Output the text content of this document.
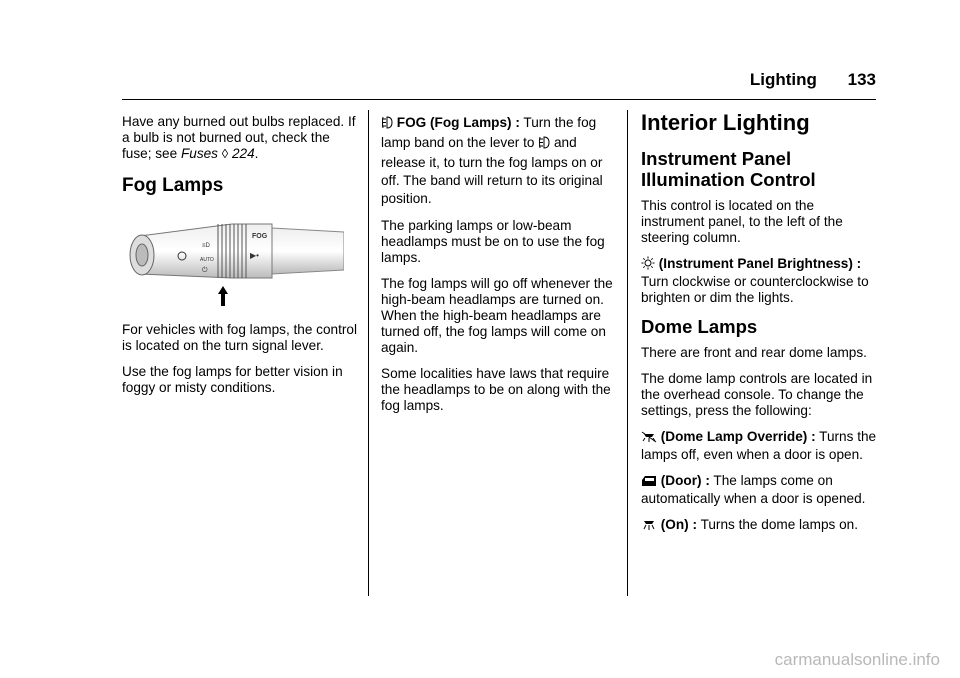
Lighting 133

Have any burned out bulbs replaced. If a bulb is not burned out, check the fuse; see Fuses ◊ 224.

Fog Lamps
≡D
AUTO
⏻
FOG
▶•

For vehicles with fog lamps, the control is located on the turn signal lever.

Use the fog lamps for better vision in foggy or misty conditions.

FOG (Fog Lamps) : Turn the fog lamp band on the lever to and release it, to turn the fog lamps on or off. The band will return to its original position.

The parking lamps or low-beam headlamps must be on to use the fog lamps.

The fog lamps will go off whenever the high-beam headlamps are turned on. When the high-beam headlamps are turned off, the fog lamps will come on again.

Some localities have laws that require the headlamps to be on along with the fog lamps.

Interior Lighting
Instrument Panel Illumination Control

This control is located on the instrument panel, to the left of the steering column.

(Instrument Panel Brightness) : Turn clockwise or counterclockwise to brighten or dim the lights.

Dome Lamps

There are front and rear dome lamps.

The dome lamp controls are located in the overhead console. To change the settings, press the following:

(Dome Lamp Override) : Turns the lamps off, even when a door is open.

(Door) : The lamps come on automatically when a door is opened.

(On) : Turns the dome lamps on.

carmanualsonline.info
